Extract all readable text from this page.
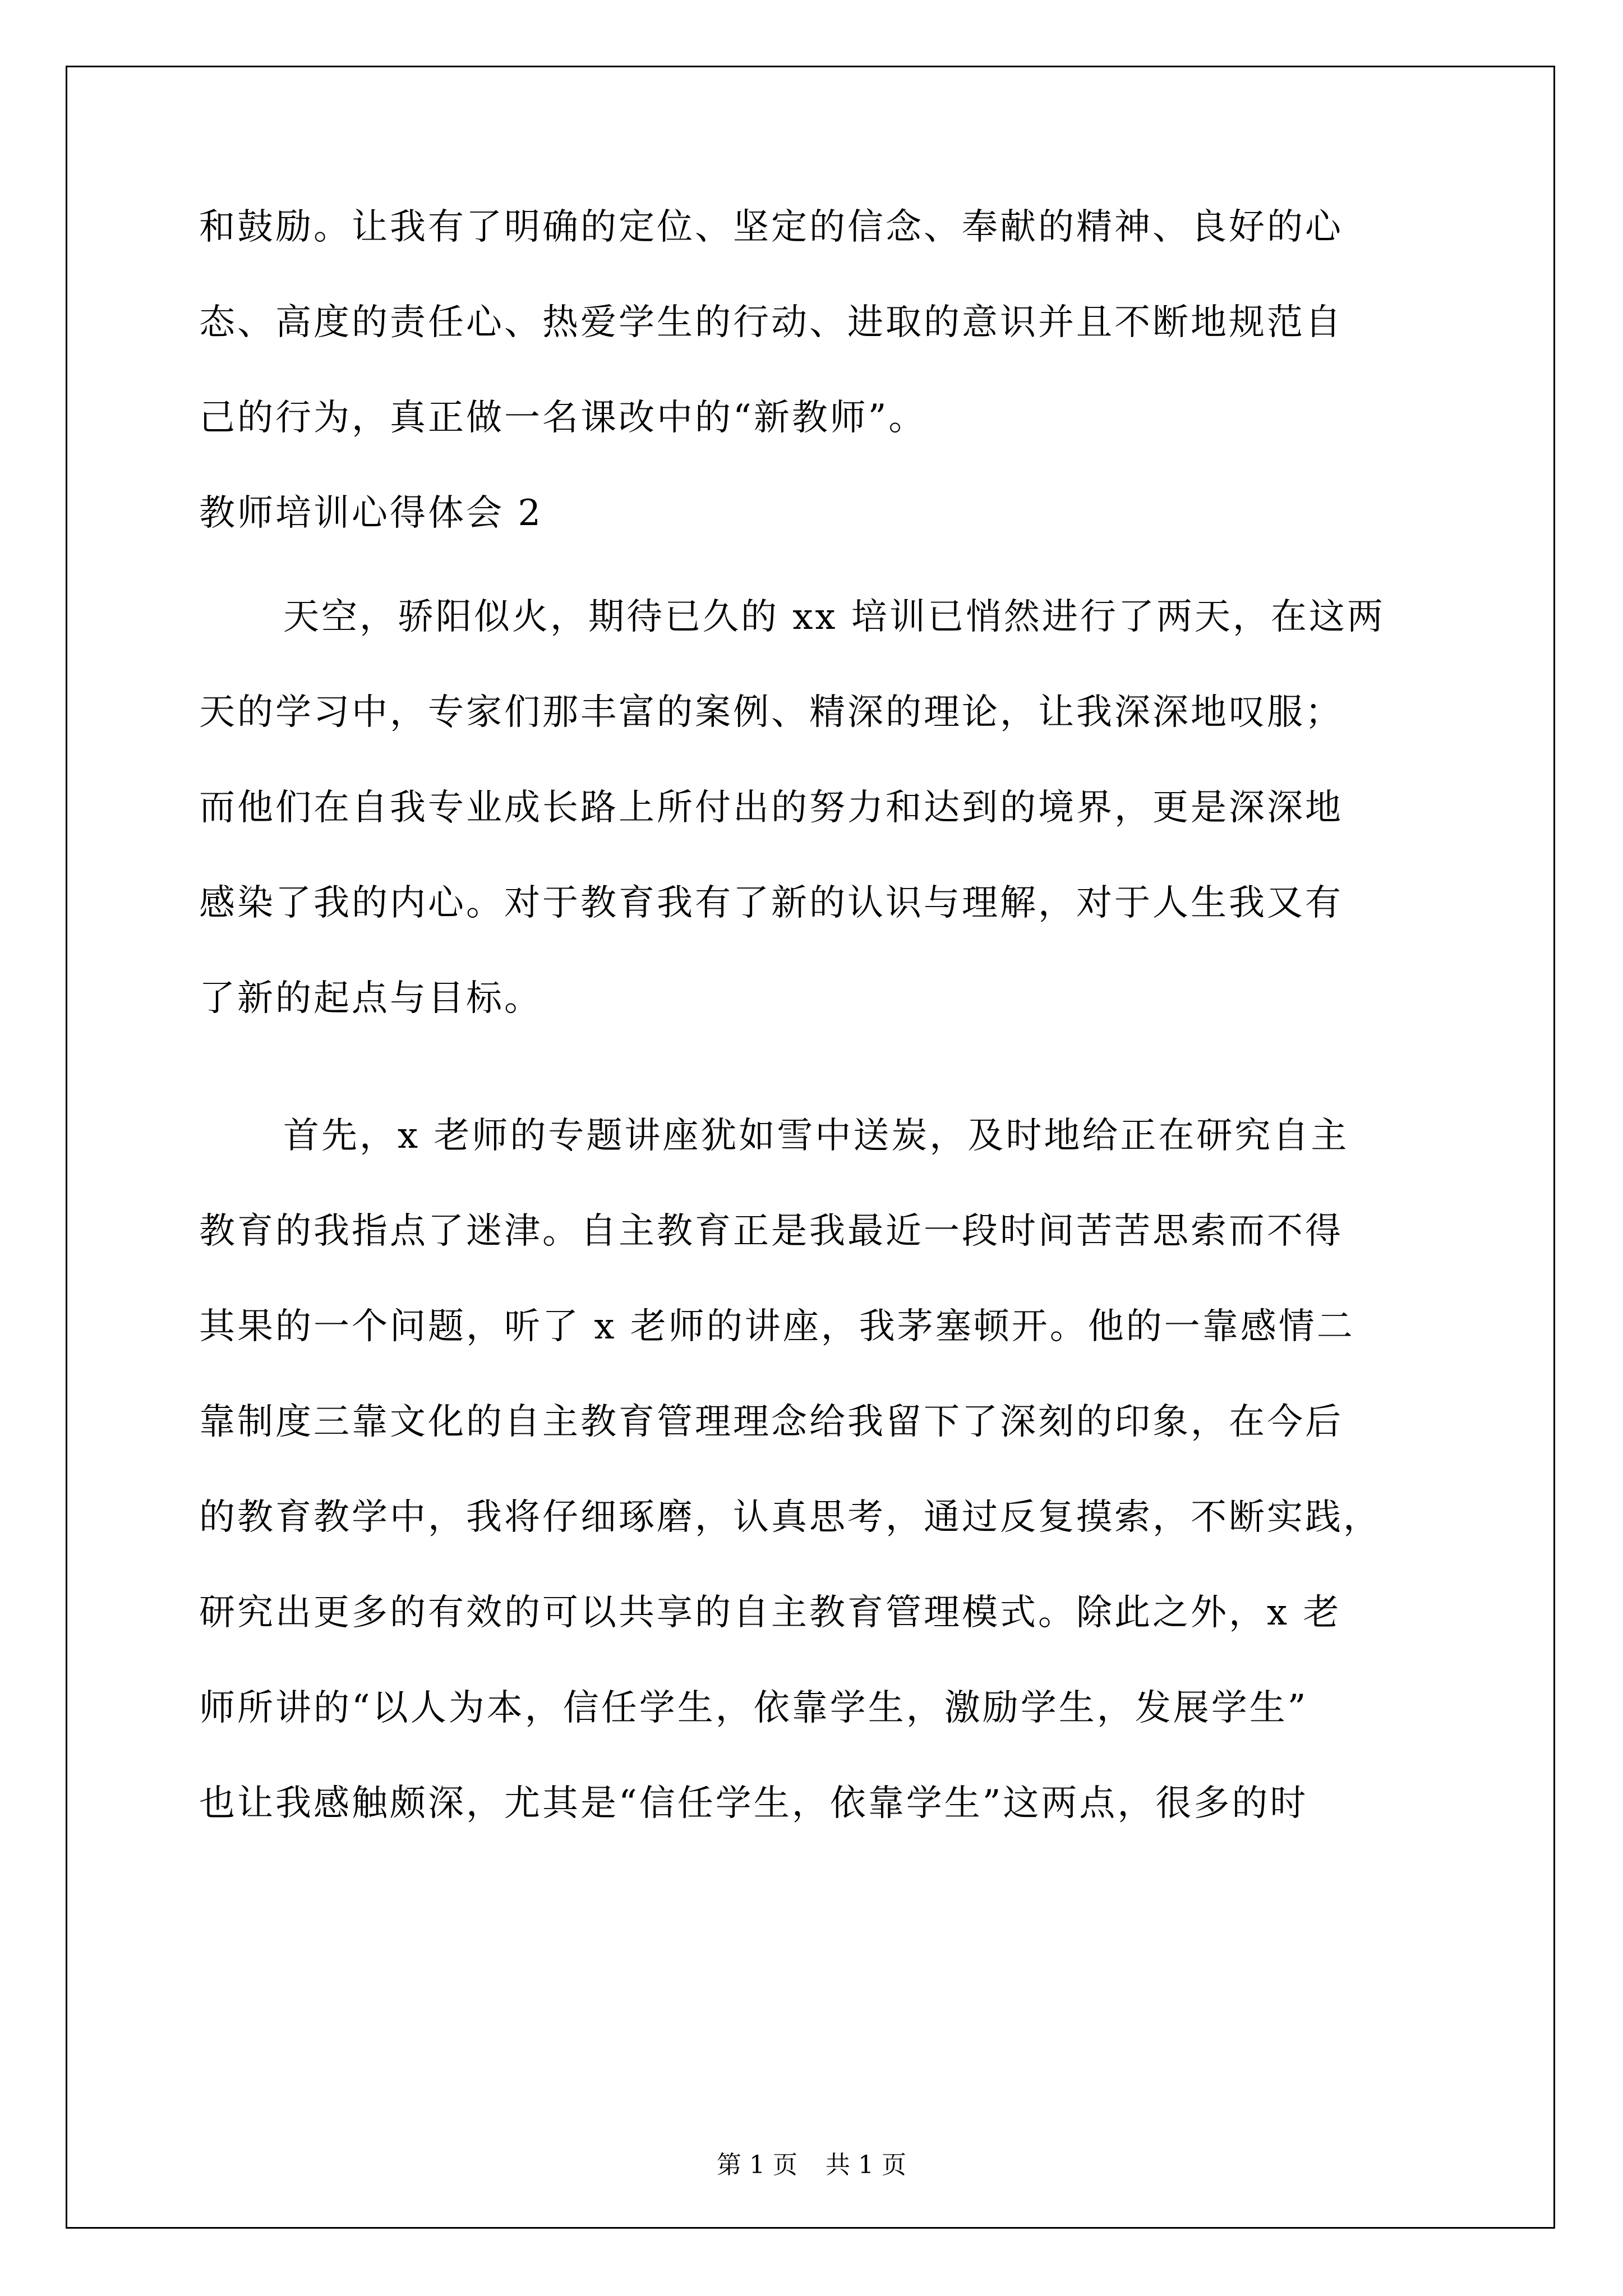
和鼓励。让我有了明确的定位、坚定的信念、奉献的精神、良好的心
态、高度的责任心、热爱学生的行动、进取的意识并且不断地规范自
己的行为，真正做一名课改中的“新教师”。
教师培训心得体会 2
天空，骄阳似火，期待已久的 xx 培训已悄然进行了两天，在这两
天的学习中，专家们那丰富的案例、精深的理论，让我深深地叹服；
而他们在自我专业成长路上所付出的努力和达到的境界，更是深深地
感染了我的内心。对于教育我有了新的认识与理解，对于人生我又有
了新的起点与目标。
首先，x 老师的专题讲座犹如雪中送炭，及时地给正在研究自主
教育的我指点了迷津。自主教育正是我最近一段时间苦苦思索而不得
其果的一个问题，听了 x 老师的讲座，我茅塞顿开。他的一靠感情二
靠制度三靠文化的自主教育管理理念给我留下了深刻的印象，在今后
的教育教学中，我将仔细琢磨，认真思考，通过反复摸索，不断实践，
研究出更多的有效的可以共享的自主教育管理模式。除此之外，x 老
师所讲的“以人为本，信任学生，依靠学生，激励学生，发展学生”
也让我感触颇深，尤其是“信任学生，依靠学生”这两点，很多的时
第 1 页 共 1 页
